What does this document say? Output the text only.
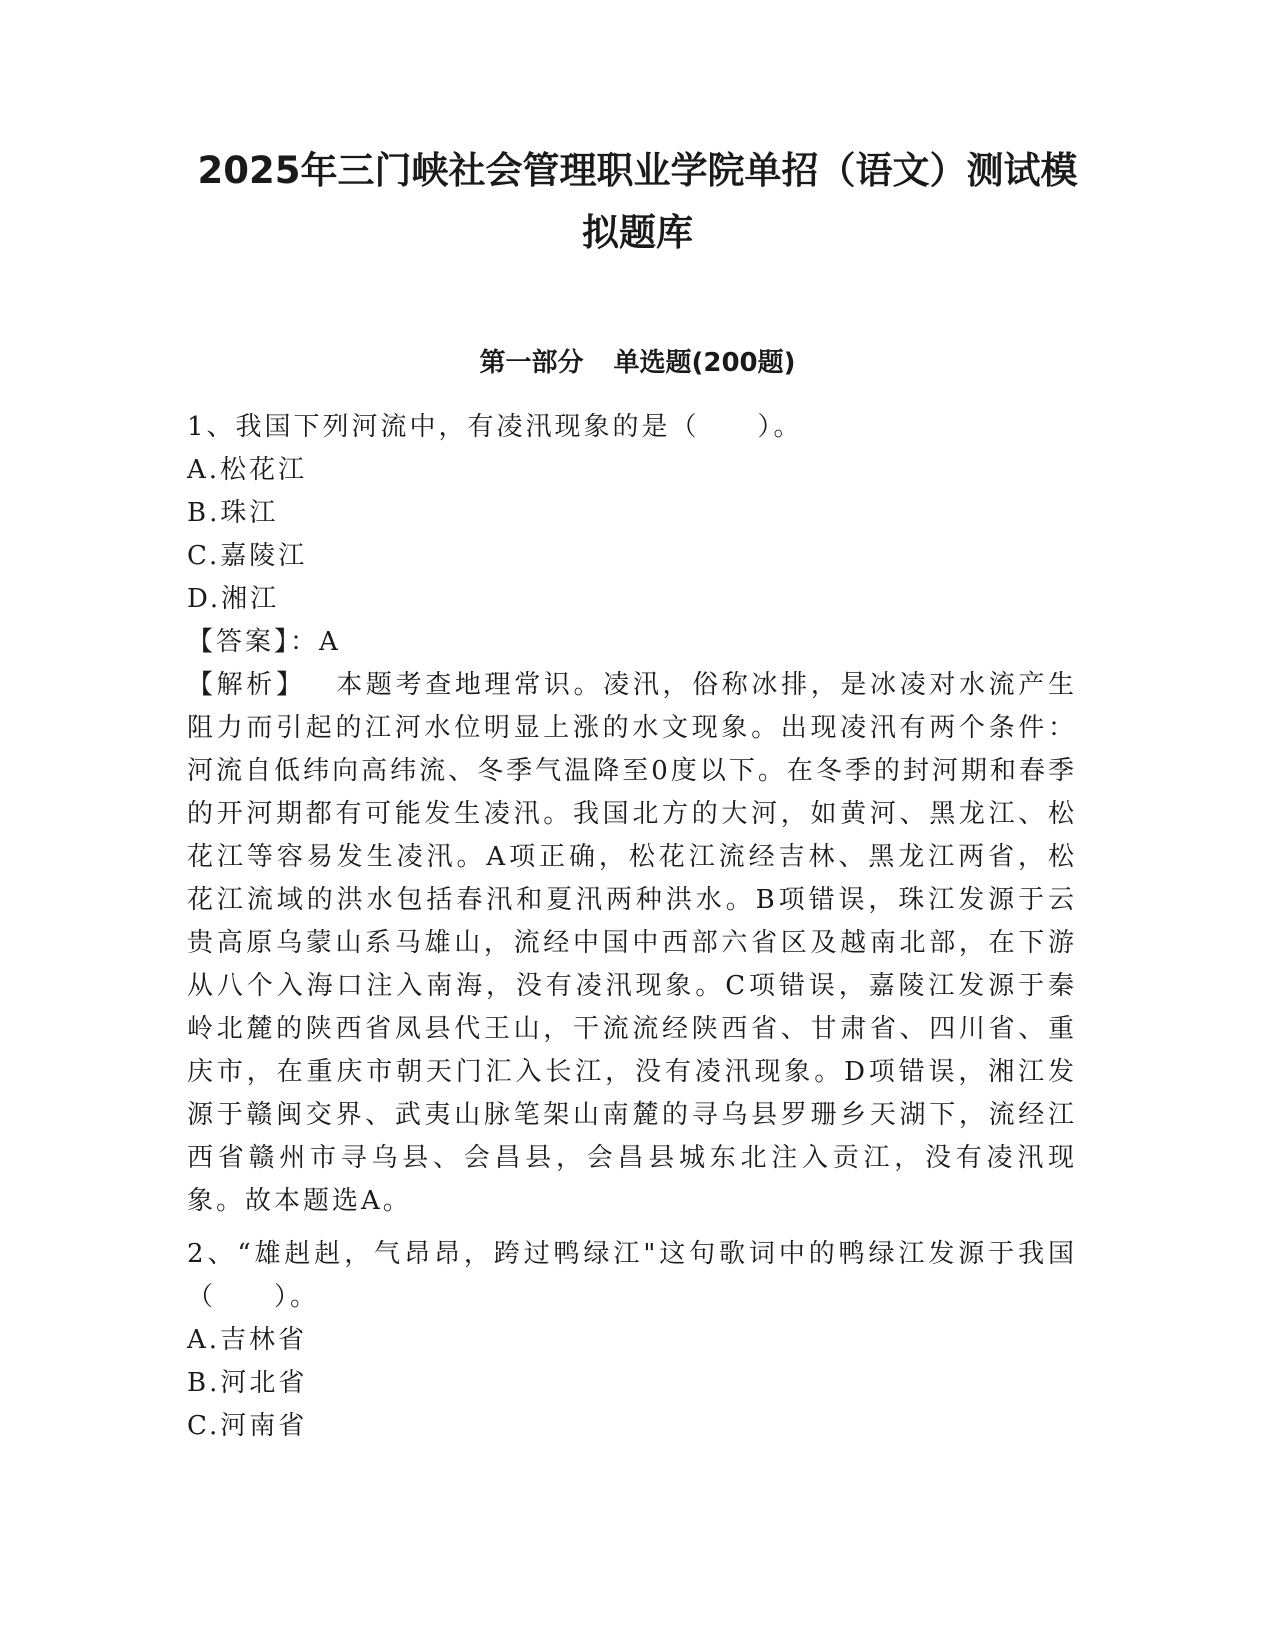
2025年三门峡社会管理职业学院单招（语文）测试模
拟题库
第一部分 单选题(200题)
1、我国下列河流中，有凌汛现象的是（　　）。
A.松花江
B.珠江
C.嘉陵江
D.湘江
【答案】：A
【解析】 本题考查地理常识。凌汛，俗称冰排，是冰凌对水流产生阻力而引起的江河水位明显上涨的水文现象。出现凌汛有两个条件：河流自低纬向高纬流、冬季气温降至0度以下。在冬季的封河期和春季的开河期都有可能发生凌汛。我国北方的大河，如黄河、黑龙江、松花江等容易发生凌汛。A项正确，松花江流经吉林、黑龙江两省，松花江流域的洪水包括春汛和夏汛两种洪水。B项错误，珠江发源于云贵高原乌蒙山系马雄山，流经中国中西部六省区及越南北部，在下游从八个入海口注入南海，没有凌汛现象。C项错误，嘉陵江发源于秦岭北麓的陕西省凤县代王山，干流流经陕西省、甘肃省、四川省、重庆市，在重庆市朝天门汇入长江，没有凌汛现象。D项错误，湘江发源于赣闽交界、武夷山脉笔架山南麓的寻乌县罗珊乡天湖下，流经江西省赣州市寻乌县、会昌县，会昌县城东北注入贡江，没有凌汛现象。故本题选A。
2、“雄赳赳，气昂昂，跨过鸭绿江"这句歌词中的鸭绿江发源于我国（　　）。
A.吉林省
B.河北省
C.河南省
